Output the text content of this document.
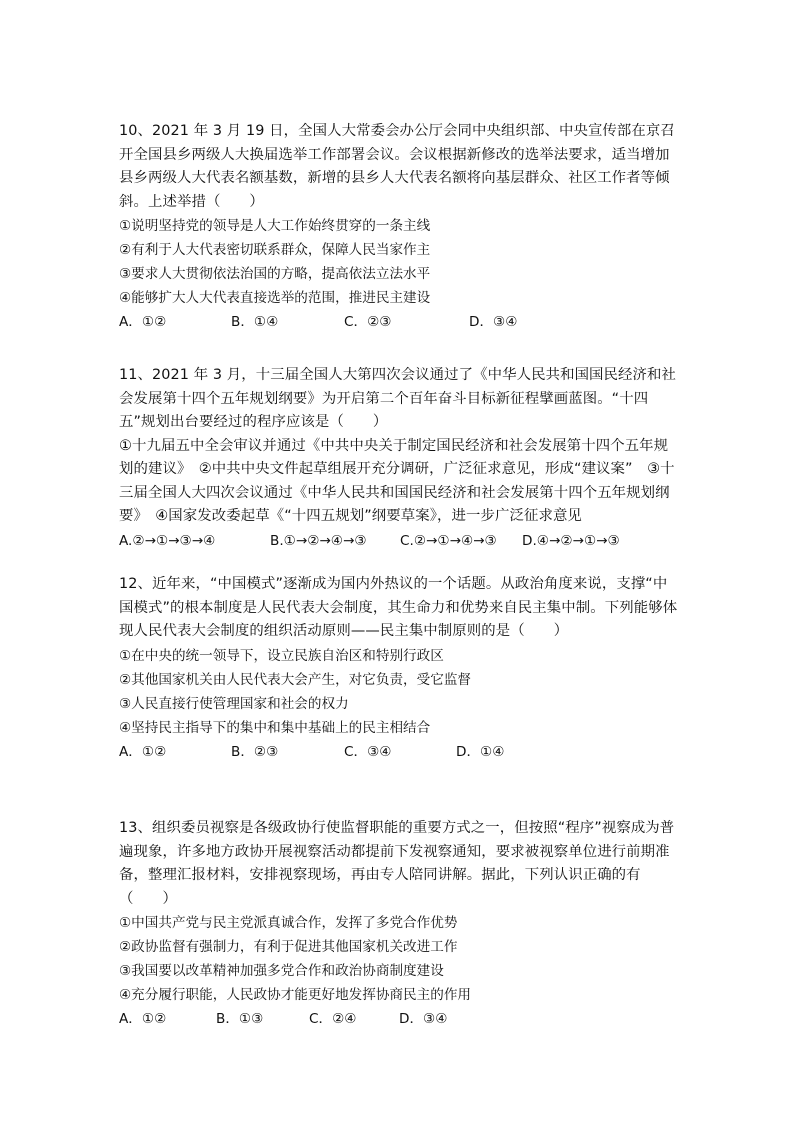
10、2021 年 3 月 19 日，全国人大常委会办公厅会同中央组织部、中央宣传部在京召开全国县乡两级人大换届选举工作部署会议。会议根据新修改的选举法要求，适当增加县乡两级人大代表名额基数，新增的县乡人大代表名额将向基层群众、社区工作者等倾斜。上述举措（　　）

①说明坚持党的领导是人大工作始终贯穿的一条主线

②有利于人大代表密切联系群众，保障人民当家作主

③要求人大贯彻依法治国的方略，提高依法立法水平

④能够扩大人大代表直接选举的范围，推进民主建设

A．①②	B．①④	C．②③	D．③④

11、2021 年 3 月，十三届全国人大第四次会议通过了《中华人民共和国国民经济和社会发展第十四个五年规划纲要》为开启第二个百年奋斗目标新征程擘画蓝图。“十四五”规划出台要经过的程序应该是（　　）

①十九届五中全会审议并通过《中共中央关于制定国民经济和社会发展第十四个五年规划的建议》　②中共中央文件起草组展开充分调研，广泛征求意见，形成“建议案”　③十三届全国人大四次会议通过《中华人民共和国国民经济和社会发展第十四个五年规划纲要》　④国家发改委起草《“十四五规划”纲要草案》，进一步广泛征求意见

A.②→①→③→④	B.①→②→④→③ C.②→①→④→③ D.④→②→①→③

12、近年来，“中国模式”逐渐成为国内外热议的一个话题。从政治角度来说，支撑“中国模式”的根本制度是人民代表大会制度，其生命力和优势来自民主集中制。下列能够体现人民代表大会制度的组织活动原则——民主集中制原则的是（　　）

①在中央的统一领导下，设立民族自治区和特别行政区

②其他国家机关由人民代表大会产生，对它负责，受它监督

③人民直接行使管理国家和社会的权力

④坚持民主指导下的集中和集中基础上的民主相结合

A．①②	B．②③	C．③④	D．①④

13、组织委员视察是各级政协行使监督职能的重要方式之一，但按照“程序”视察成为普遍现象，许多地方政协开展视察活动都提前下发视察通知，要求被视察单位进行前期准备，整理汇报材料，安排视察现场，再由专人陪同讲解。据此，下列认识正确的有（　　）

①中国共产党与民主党派真诚合作，发挥了多党合作优势

②政协监督有强制力，有利于促进其他国家机关改进工作

③我国要以改革精神加强多党合作和政治协商制度建设

④充分履行职能，人民政协才能更好地发挥协商民主的作用

A．①②	B．①③	C．②④	D．③④
